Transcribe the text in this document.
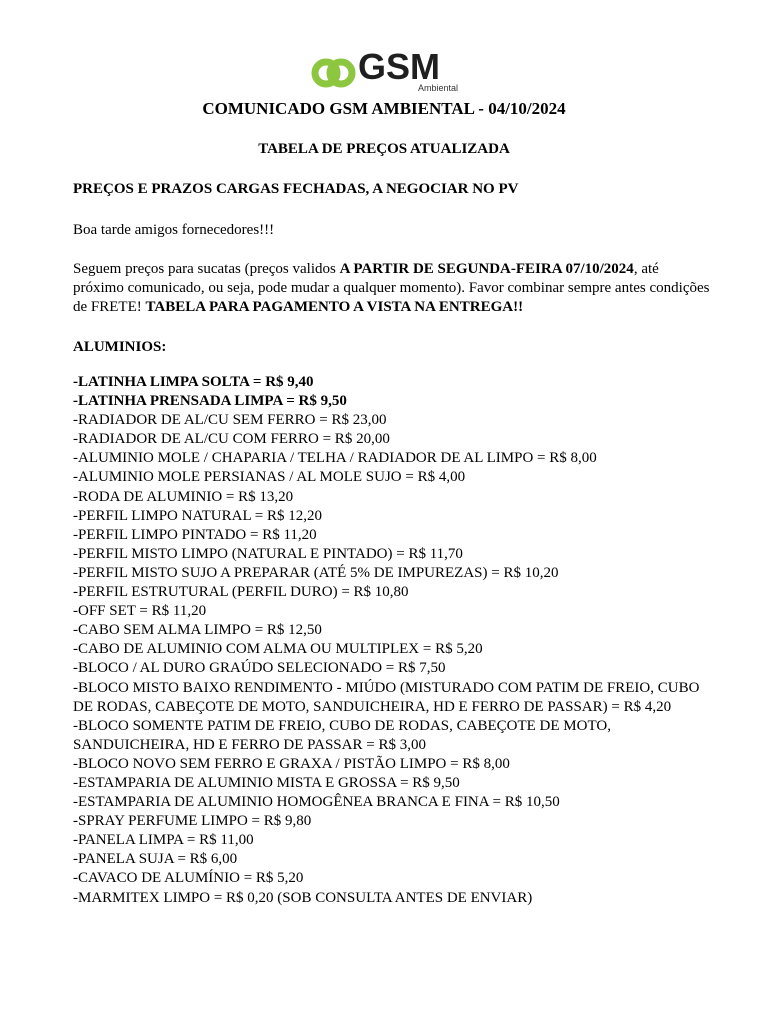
GSM
Ambiental
COMUNICADO GSM AMBIENTAL - 04/10/2024
TABELA DE PREÇOS ATUALIZADA
PREÇOS E PRAZOS CARGAS FECHADAS, A NEGOCIAR NO PV
Boa tarde amigos fornecedores!!!
Seguem preços para sucatas (preços validos A PARTIR DE SEGUNDA-FEIRA 07/10/2024, até próximo comunicado, ou seja, pode mudar a qualquer momento). Favor combinar sempre antes condições de FRETE! TABELA PARA PAGAMENTO A VISTA NA ENTREGA!!
ALUMINIOS:
-LATINHA LIMPA SOLTA = R$ 9,40
-LATINHA PRENSADA LIMPA = R$ 9,50
-RADIADOR DE AL/CU SEM FERRO = R$ 23,00
-RADIADOR DE AL/CU COM FERRO = R$ 20,00
-ALUMINIO MOLE / CHAPARIA / TELHA / RADIADOR DE AL LIMPO = R$ 8,00
-ALUMINIO MOLE PERSIANAS / AL MOLE SUJO = R$ 4,00
-RODA DE ALUMINIO = R$ 13,20
-PERFIL LIMPO NATURAL = R$ 12,20
-PERFIL LIMPO PINTADO = R$ 11,20
-PERFIL MISTO LIMPO (NATURAL E PINTADO) = R$ 11,70
-PERFIL MISTO SUJO A PREPARAR (ATÉ 5% DE IMPUREZAS) = R$ 10,20
-PERFIL ESTRUTURAL (PERFIL DURO) = R$ 10,80
-OFF SET = R$ 11,20
-CABO SEM ALMA LIMPO = R$ 12,50
-CABO DE ALUMINIO COM ALMA OU MULTIPLEX = R$ 5,20
-BLOCO / AL DURO GRAÚDO SELECIONADO = R$ 7,50
-BLOCO MISTO BAIXO RENDIMENTO - MIÚDO (MISTURADO COM PATIM DE FREIO, CUBO DE RODAS, CABEÇOTE DE MOTO, SANDUICHEIRA, HD E FERRO DE PASSAR) = R$ 4,20
-BLOCO SOMENTE PATIM DE FREIO, CUBO DE RODAS, CABEÇOTE DE MOTO, SANDUICHEIRA, HD E FERRO DE PASSAR = R$ 3,00
-BLOCO NOVO SEM FERRO E GRAXA / PISTÃO LIMPO = R$ 8,00
-ESTAMPARIA DE ALUMINIO MISTA E GROSSA = R$ 9,50
-ESTAMPARIA DE ALUMINIO HOMOGÊNEA BRANCA E FINA = R$ 10,50
-SPRAY PERFUME LIMPO = R$ 9,80
-PANELA LIMPA = R$ 11,00
-PANELA SUJA = R$ 6,00
-CAVACO DE ALUMÍNIO = R$ 5,20
-MARMITEX LIMPO = R$ 0,20 (SOB CONSULTA ANTES DE ENVIAR)
